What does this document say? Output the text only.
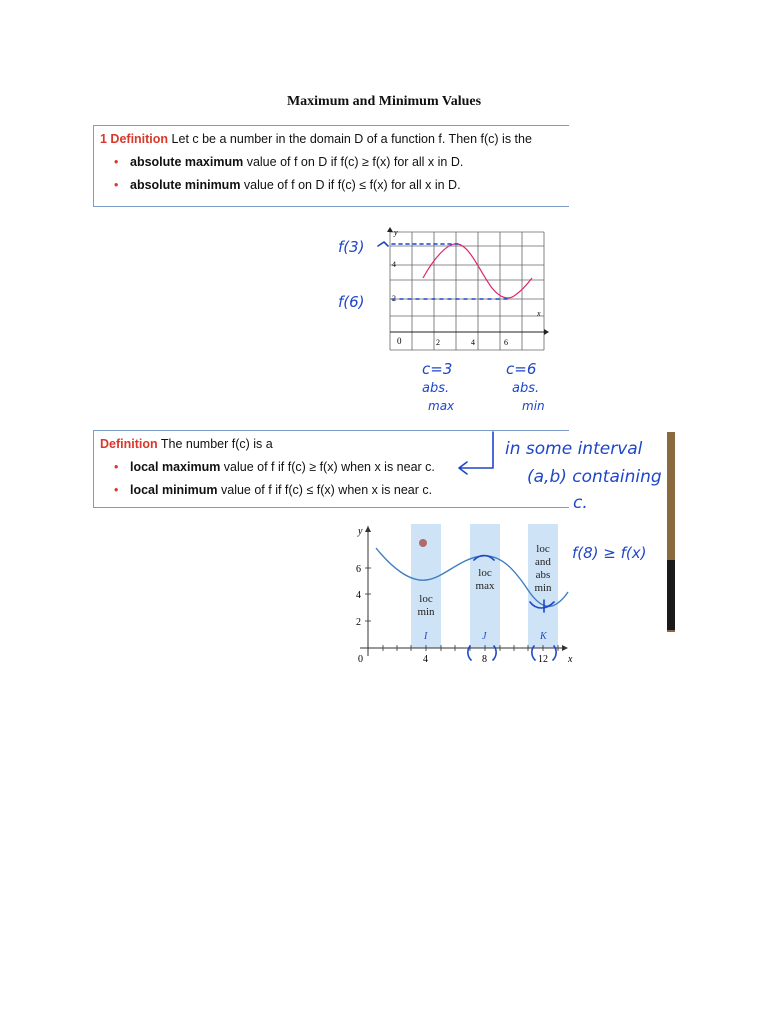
Maximum and Minimum Values
1 Definition Let c be a number in the domain D of a function f. Then f(c) is the
• absolute maximum value of f on D if f(c) ≥ f(x) for all x in D.
• absolute minimum value of f on D if f(c) ≤ f(x) for all x in D.
y
x
4
2
0	2	4	6
f(3)
f(6)
c=3
abs.
max
c=6
abs.
min
Definition The number f(c) is a
• local maximum value of f if f(c) ≥ f(x) when x is near c.
• local minimum value of f if f(c) ≤ f(x) when x is near c.
in some interval
(a,b) containing
c.
y
x
6
4
2
0	4	8	12
I	J	K
loc
min
loc
max
loc
and
abs
min
f(8) ≥ f(x)
